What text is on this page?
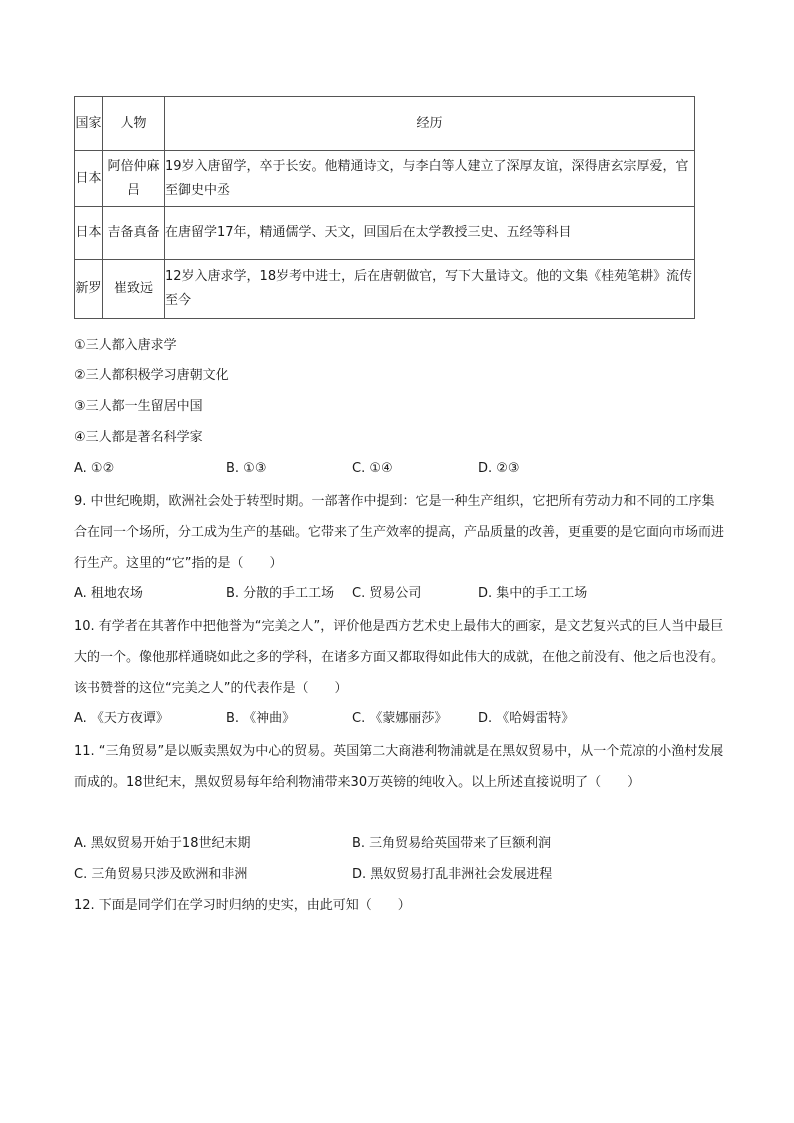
国家	人物	经历
日本	阿倍仲麻吕	19岁入唐留学，卒于长安。他精通诗文，与李白等人建立了深厚友谊，深得唐玄宗厚爱，官至御史中丞
日本	吉备真备	在唐留学17年，精通儒学、天文，回国后在太学教授三史、五经等科目
新罗	崔致远	12岁入唐求学，18岁考中进士，后在唐朝做官，写下大量诗文。他的文集《桂苑笔耕》流传至今
①三人都入唐求学
②三人都积极学习唐朝文化
③三人都一生留居中国
④三人都是著名科学家
A. ①②	B. ①③	C. ①④	D. ②③
9. 中世纪晚期，欧洲社会处于转型时期。一部著作中提到：它是一种生产组织，它把所有劳动力和不同的工序集合在同一个场所，分工成为生产的基础。它带来了生产效率的提高，产品质量的改善，更重要的是它面向市场而进行生产。这里的“它”指的是（　　）
A. 租地农场	B. 分散的手工工场 C. 贸易公司	D. 集中的手工工场
10. 有学者在其著作中把他誉为“完美之人”，评价他是西方艺术史上最伟大的画家，是文艺复兴式的巨人当中最巨大的一个。像他那样通晓如此之多的学科，在诸多方面又都取得如此伟大的成就，在他之前没有、他之后也没有。该书赞誉的这位“完美之人”的代表作是（　　）
A. 《天方夜谭》	B. 《神曲》	C. 《蒙娜丽莎》 D. 《哈姆雷特》
11. “三角贸易”是以贩卖黑奴为中心的贸易。英国第二大商港利物浦就是在黑奴贸易中，从一个荒凉的小渔村发展而成的。18世纪末，黑奴贸易每年给利物浦带来30万英镑的纯收入。以上所述直接说明了（　　）
A. 黑奴贸易开始于18世纪末期	B. 三角贸易给英国带来了巨额利润
C. 三角贸易只涉及欧洲和非洲	D. 黑奴贸易打乱非洲社会发展进程
12. 下面是同学们在学习时归纳的史实，由此可知（　　）
